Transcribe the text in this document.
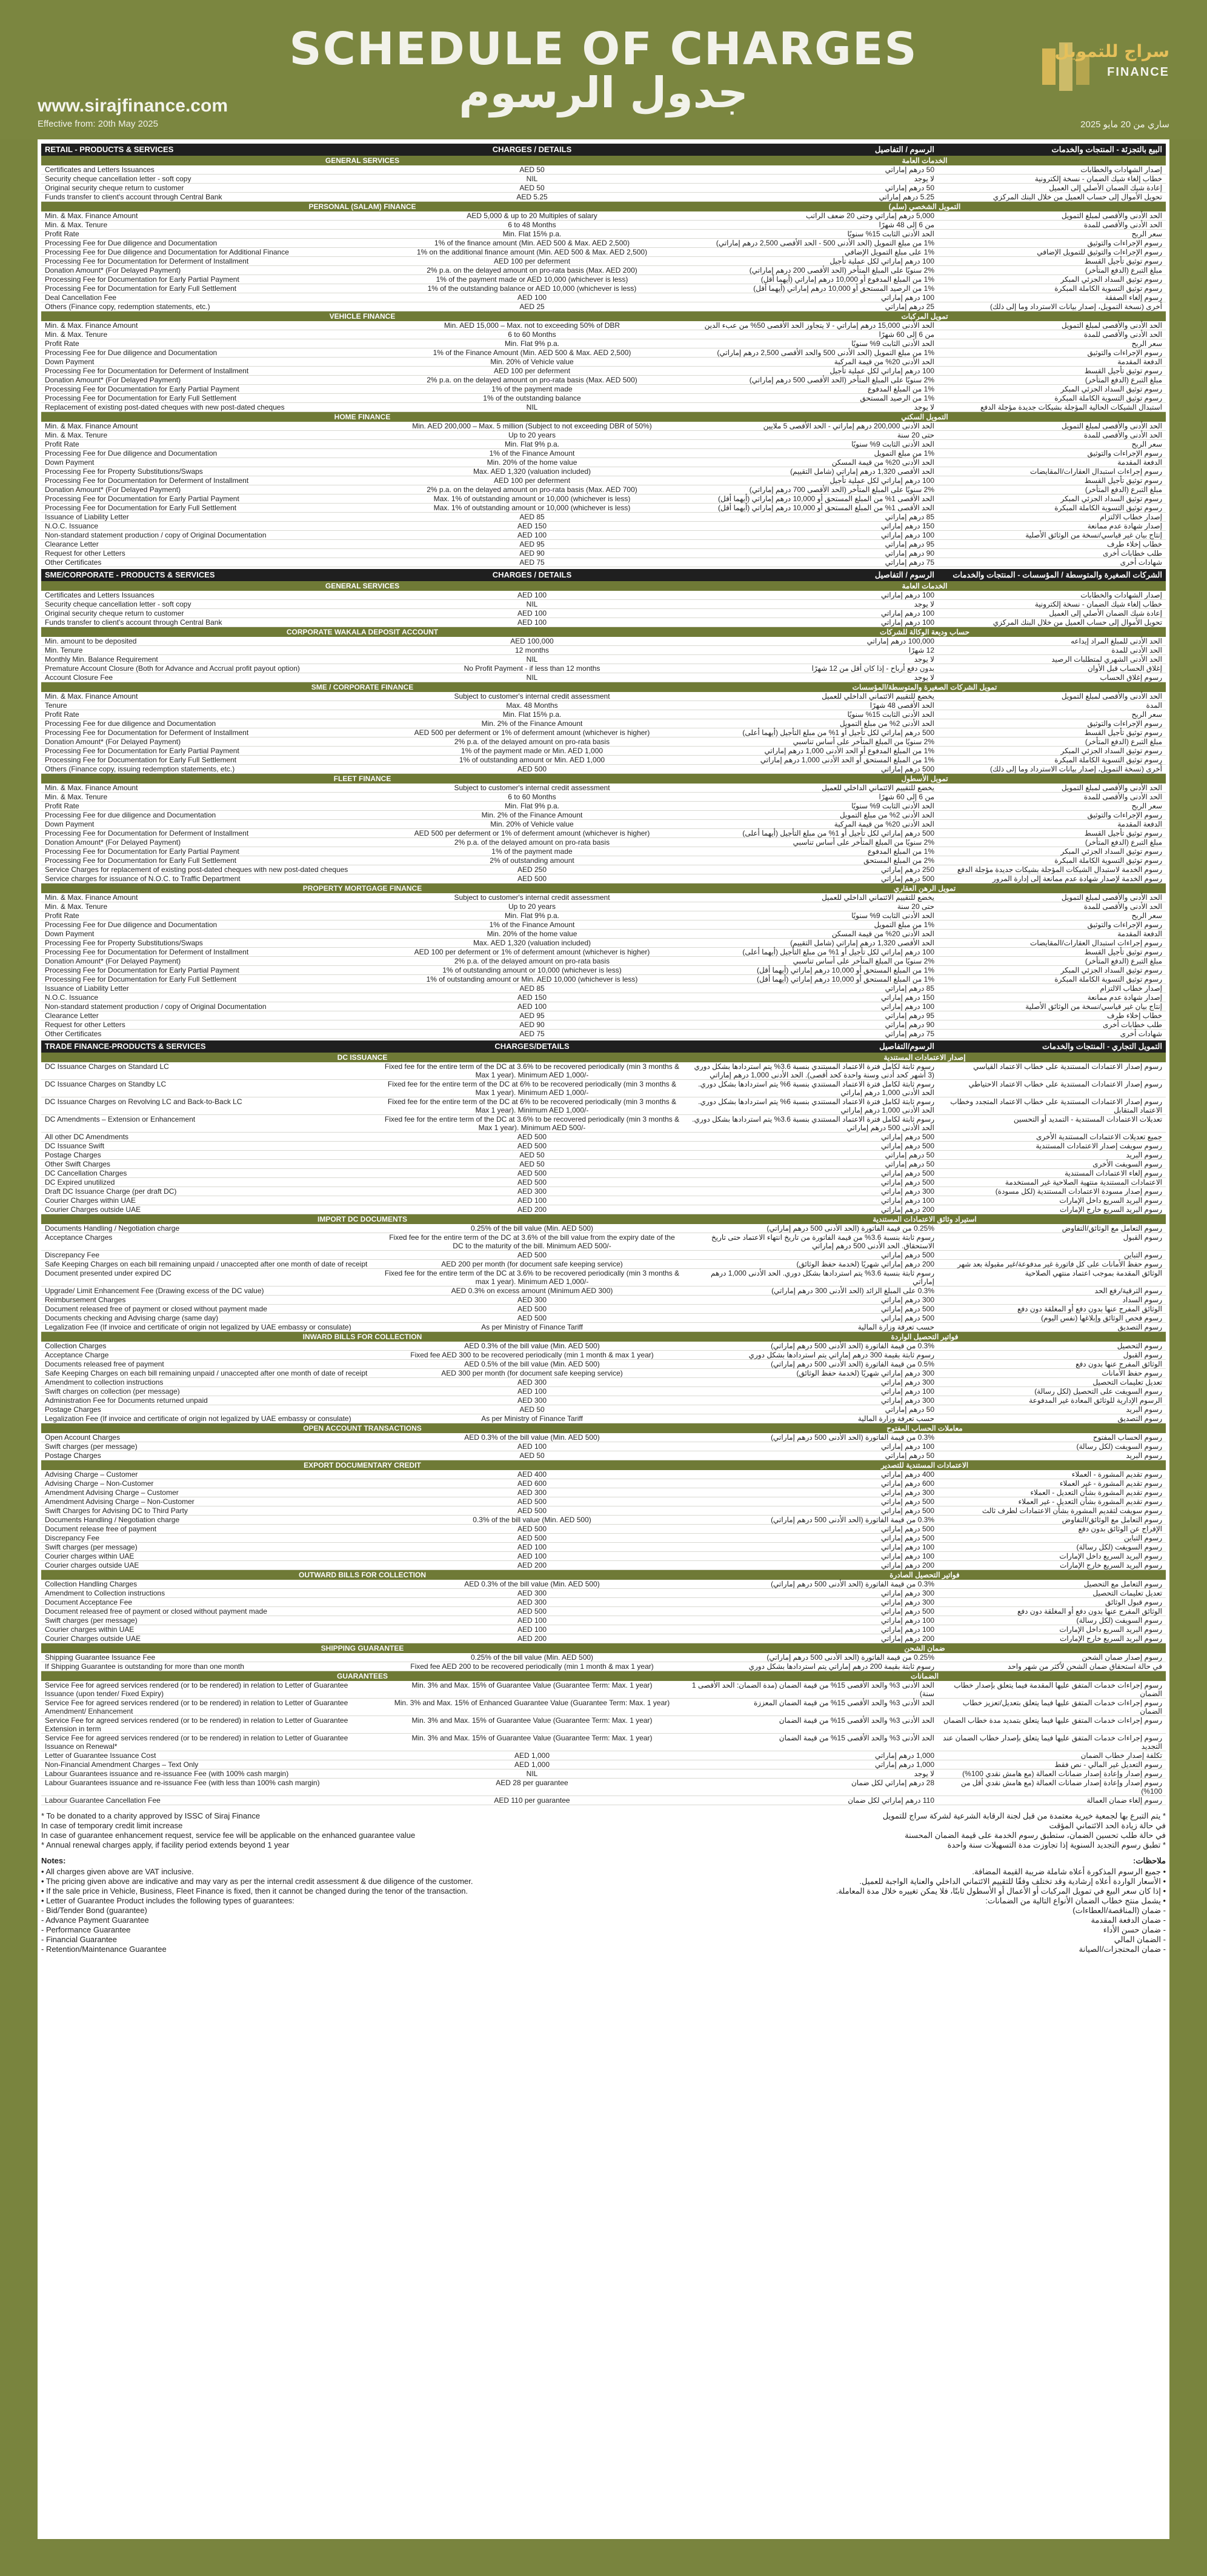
SCHEDULE OF CHARGES
جدول الرسوم
www.sirajfinance.com
Effective from: 20th May 2025	ساري من 20 مايو 2025
سراج للتمويل
FINANCE
RETAIL - PRODUCTS & SERVICES	CHARGES / DETAILS	الرسوم / التفاصيل	البيع بالتجزئة - المنتجات والخدمات
GENERAL SERVICES	الخدمات العامة
Certificates and Letters Issuances	AED 50	50 درهم إماراتي	إصدار الشهادات والخطابات
Security cheque cancellation letter - soft copy	NIL	لا يوجد	خطاب إلغاء شيك الضمان - نسخة إلكترونية
Original security cheque return to customer	AED 50	50 درهم إماراتي	إعادة شيك الضمان الأصلي إلى العميل
Funds transfer to client's account through Central Bank	AED 5.25	5.25 درهم إماراتي	تحويل الأموال إلى حساب العميل من خلال البنك المركزي
PERSONAL (SALAM) FINANCE	التمويل الشخصي (سلم)
Min. & Max. Finance Amount	AED 5,000 & up to 20 Multiples of salary	5,000 درهم إماراتي وحتى 20 ضعف الراتب	الحد الأدنى والأقصى لمبلغ التمويل
Min. & Max. Tenure	6 to 48 Months	من 6 إلى 48 شهرًا	الحد الأدنى والأقصى للمدة
Profit Rate	Min. Flat 15% p.a.	الحد الأدنى الثابت 15% سنويًا	سعر الربح
Processing Fee for Due diligence and Documentation	1% of the finance amount (Min. AED 500 & Max. AED 2,500)	1% من مبلغ التمويل (الحد الأدنى 500 - الحد الأقصى 2,500 درهم إماراتي)	رسوم الإجراءات والتوثيق
Processing Fee for Due diligence and Documentation for Additional Finance	1% on the additional finance amount (Min. AED 500 & Max. AED 2,500)	1% على مبلغ التمويل الإضافي	رسوم الإجراءات والتوثيق للتمويل الإضافي
Processing Fee for Documentation for Deferment of Installment	AED 100 per deferment	100 درهم إماراتي لكل عملية تأجيل	رسوم توثيق تأجيل القسط
Donation Amount* (For Delayed Payment)	2% p.a. on the delayed amount on pro-rata basis (Max. AED 200)	2% سنويًا على المبلغ المتأخر (الحد الأقصى 200 درهم إماراتي)	مبلغ التبرع (الدفع المتأخر)
Processing Fee for Documentation for Early Partial Payment	1% of the payment made or AED 10,000 (whichever is less)	1% من المبلغ المدفوع أو 10,000 درهم إماراتي (أيهما أقل)	رسوم توثيق السداد الجزئي المبكر
Processing Fee for Documentation for Early Full Settlement	1% of the outstanding balance or AED 10,000 (whichever is less)	1% من الرصيد المستحق أو 10,000 درهم إماراتي (أيهما أقل)	رسوم توثيق التسوية الكاملة المبكرة
Deal Cancellation Fee	AED 100	100 درهم إماراتي	رسوم إلغاء الصفقة
Others (Finance copy, redemption statements, etc.)	AED 25	25 درهم إماراتي	أخرى (نسخة التمويل، إصدار بيانات الاسترداد وما إلى ذلك)
VEHICLE FINANCE	تمويل المركبات
Min. & Max. Finance Amount	Min. AED 15,000 – Max. not to exceeding 50% of DBR	الحد الأدنى 15,000 درهم إماراتي - لا يتجاوز الحد الأقصى 50% من عبء الدين	الحد الأدنى والأقصى لمبلغ التمويل
Min. & Max. Tenure	6 to 60 Months	من 6 إلى 60 شهرًا	الحد الأدنى والأقصى للمدة
Profit Rate	Min. Flat 9% p.a.	الحد الأدنى الثابت 9% سنويًا	سعر الربح
Processing Fee for Due diligence and Documentation	1% of the Finance Amount (Min. AED 500 & Max. AED 2,500)	1% من مبلغ التمويل (الحد الأدنى 500 والحد الأقصى 2,500 درهم إماراتي)	رسوم الإجراءات والتوثيق
Down Payment	Min. 20% of Vehicle value	الحد الأدنى 20% من قيمة المركبة	الدفعة المقدمة
Processing Fee for Documentation for Deferment of Installment	AED 100 per deferment	100 درهم إماراتي لكل عملية تأجيل	رسوم توثيق تأجيل القسط
Donation Amount* (For Delayed Payment)	2% p.a. on the delayed amount on pro-rata basis (Max. AED 500)	2% سنويًا على المبلغ المتأخر (الحد الأقصى 500 درهم إماراتي)	مبلغ التبرع (الدفع المتأخر)
Processing Fee for Documentation for Early Partial Payment	1% of the payment made	1% من المبلغ المدفوع	رسوم توثيق السداد الجزئي المبكر
Processing Fee for Documentation for Early Full Settlement	1% of the outstanding balance	1% من الرصيد المستحق	رسوم توثيق التسوية الكاملة المبكرة
Replacement of existing post-dated cheques with new post-dated cheques	NIL	لا يوجد	استبدال الشيكات الحالية المؤجلة بشيكات جديدة مؤجلة الدفع
HOME FINANCE	التمويل السكني
Min. & Max. Finance Amount	Min. AED 200,000 – Max. 5 million (Subject to not exceeding DBR of 50%)	الحد الأدنى 200,000 درهم إماراتي - الحد الأقصى 5 ملايين	الحد الأدنى والأقصى لمبلغ التمويل
Min. & Max. Tenure	Up to 20 years	حتى 20 سنة	الحد الأدنى والأقصى للمدة
Profit Rate	Min. Flat 9% p.a.	الحد الأدنى الثابت 9% سنويًا	سعر الربح
Processing Fee for Due diligence and Documentation	1% of the Finance Amount	1% من مبلغ التمويل	رسوم الإجراءات والتوثيق
Down Payment	Min. 20% of the home value	الحد الأدنى 20% من قيمة المسكن	الدفعة المقدمة
Processing Fee for Property Substitutions/Swaps	Max. AED 1,320 (valuation included)	الحد الأقصى 1,320 درهم إماراتي (شامل التقييم)	رسوم إجراءات استبدال العقارات/المقايضات
Processing Fee for Documentation for Deferment of Installment	AED 100 per deferment	100 درهم إماراتي لكل عملية تأجيل	رسوم توثيق تأجيل القسط
Donation Amount* (For Delayed Payment)	2% p.a. on the delayed amount on pro-rata basis (Max. AED 700)	2% سنويًا على المبلغ المتأخر (الحد الأقصى 700 درهم إماراتي)	مبلغ التبرع (الدفع المتأخر)
Processing Fee for Documentation for Early Partial Payment	Max. 1% of outstanding amount or 10,000 (whichever is less)	الحد الأقصى 1% من المبلغ المستحق أو 10,000 درهم إماراتي (أيهما أقل)	رسوم توثيق السداد الجزئي المبكر
Processing Fee for Documentation for Early Full Settlement	Max. 1% of outstanding amount or 10,000 (whichever is less)	الحد الأقصى 1% من المبلغ المستحق أو 10,000 درهم إماراتي (أيهما أقل)	رسوم توثيق التسوية الكاملة المبكرة
Issuance of Liability Letter	AED 85	85 درهم إماراتي	إصدار خطاب الالتزام
N.O.C. Issuance	AED 150	150 درهم إماراتي	إصدار شهادة عدم ممانعة
Non-standard statement production / copy of Original Documentation	AED 100	100 درهم إماراتي	إنتاج بيان غير قياسي/نسخة من الوثائق الأصلية
Clearance Letter	AED 95	95 درهم إماراتي	خطاب إخلاء طرف
Request for other Letters	AED 90	90 درهم إماراتي	طلب خطابات أخرى
Other Certificates	AED 75	75 درهم إماراتي	شهادات أخرى
SME/CORPORATE - PRODUCTS & SERVICES	CHARGES / DETAILS	الرسوم / التفاصيل	الشركات الصغيرة والمتوسطة / المؤسسات - المنتجات والخدمات
GENERAL SERVICES	الخدمات العامة
Certificates and Letters Issuances	AED 100	100 درهم إماراتي	إصدار الشهادات والخطابات
Security cheque cancellation letter - soft copy	NIL	لا يوجد	خطاب إلغاء شيك الضمان - نسخة إلكترونية
Original security cheque return to customer	AED 100	100 درهم إماراتي	إعادة شيك الضمان الأصلي إلى العميل
Funds transfer to client's account through Central Bank	AED 100	100 درهم إماراتي	تحويل الأموال إلى حساب العميل من خلال البنك المركزي
CORPORATE WAKALA DEPOSIT ACCOUNT	حساب وديعة الوكالة للشركات
Min. amount to be deposited	AED 100,000	100,000 درهم إماراتي	الحد الأدنى للمبلغ المراد إيداعه
Min. Tenure	12 months	12 شهرًا	الحد الأدنى للمدة
Monthly Min. Balance Requirement	NIL	لا يوجد	الحد الأدنى الشهري لمتطلبات الرصيد
Premature Account Closure (Both for Advance and Accrual profit payout option)	No Profit Payment - if less than 12 months	بدون دفع أرباح - إذا كان أقل من 12 شهرًا	إغلاق الحساب قبل الأوان
Account Closure Fee	NIL	لا يوجد	رسوم إغلاق الحساب
SME / CORPORATE FINANCE	تمويل الشركات الصغيرة والمتوسطة/المؤسسات
Min. & Max. Finance Amount	Subject to customer's internal credit assessment	يخضع للتقييم الائتماني الداخلي للعميل	الحد الأدنى والأقصى لمبلغ التمويل
Tenure	Max. 48 Months	الحد الأقصى 48 شهرًا	المدة
Profit Rate	Min. Flat 15% p.a.	الحد الأدنى الثابت 15% سنويًا	سعر الربح
Processing Fee for due diligence and Documentation	Min. 2% of the Finance Amount	الحد الأدنى 2% من مبلغ التمويل	رسوم الإجراءات والتوثيق
Processing Fee for Documentation for Deferment of Installment	AED 500 per deferment or 1% of deferment amount (whichever is higher)	500 درهم إماراتي لكل تأجيل أو 1% من مبلغ التأجيل (أيهما أعلى)	رسوم توثيق تأجيل القسط
Donation Amount* (For Delayed Payment)	2% p.a. of the delayed amount on pro-rata basis	2% سنويًا من المبلغ المتأخر على أساس تناسبي	مبلغ التبرع (الدفع المتأخر)
Processing Fee for Documentation for Early Partial Payment	1% of the payment made or Min. AED 1,000	1% من المبلغ المدفوع أو الحد الأدنى 1,000 درهم إماراتي	رسوم توثيق السداد الجزئي المبكر
Processing Fee for Documentation for Early Full Settlement	1% of outstanding amount or Min. AED 1,000	1% من المبلغ المستحق أو الحد الأدنى 1,000 درهم إماراتي	رسوم توثيق التسوية الكاملة المبكرة
Others (Finance copy, issuing redemption statements, etc.)	AED 500	500 درهم إماراتي	أخرى (نسخة التمويل، إصدار بيانات الاسترداد وما إلى ذلك)
FLEET FINANCE	تمويل الأسطول
Min. & Max. Finance Amount	Subject to customer's internal credit assessment	يخضع للتقييم الائتماني الداخلي للعميل	الحد الأدنى والأقصى لمبلغ التمويل
Min. & Max. Tenure	6 to 60 Months	من 6 إلى 60 شهرًا	الحد الأدنى والأقصى للمدة
Profit Rate	Min. Flat 9% p.a.	الحد الأدنى الثابت 9% سنويًا	سعر الربح
Processing Fee for due diligence and Documentation	Min. 2% of the Finance Amount	الحد الأدنى 2% من مبلغ التمويل	رسوم الإجراءات والتوثيق
Down Payment	Min. 20% of Vehicle value	الحد الأدنى 20% من قيمة المركبة	الدفعة المقدمة
Processing Fee for Documentation for Deferment of Installment	AED 500 per deferment or 1% of deferment amount (whichever is higher)	500 درهم إماراتي لكل تأجيل أو 1% من مبلغ التأجيل (أيهما أعلى)	رسوم توثيق تأجيل القسط
Donation Amount* (For Delayed Payment)	2% p.a. of the delayed amount on pro-rata basis	2% سنويًا من المبلغ المتأخر على أساس تناسبي	مبلغ التبرع (الدفع المتأخر)
Processing Fee for Documentation for Early Partial Payment	1% of the payment made	1% من المبلغ المدفوع	رسوم توثيق السداد الجزئي المبكر
Processing Fee for Documentation for Early Full Settlement	2% of outstanding amount	2% من المبلغ المستحق	رسوم توثيق التسوية الكاملة المبكرة
Service Charges for replacement of existing post-dated cheques with new post-dated cheques	AED 250	250 درهم إماراتي	رسوم الخدمة لاستبدال الشيكات المؤجلة بشيكات جديدة مؤجلة الدفع
Service charges for issuance of N.O.C. to Traffic Department	AED 500	500 درهم إماراتي	رسوم الخدمة لإصدار شهادة عدم ممانعة إلى إدارة المرور
PROPERTY MORTGAGE FINANCE	تمويل الرهن العقاري
Min. & Max. Finance Amount	Subject to customer's internal credit assessment	يخضع للتقييم الائتماني الداخلي للعميل	الحد الأدنى والأقصى لمبلغ التمويل
Min. & Max. Tenure	Up to 20 years	حتى 20 سنة	الحد الأدنى والأقصى للمدة
Profit Rate	Min. Flat 9% p.a.	الحد الأدنى الثابت 9% سنويًا	سعر الربح
Processing Fee for Due diligence and Documentation	1% of the Finance Amount	1% من مبلغ التمويل	رسوم الإجراءات والتوثيق
Down Payment	Min. 20% of the home value	الحد الأدنى 20% من قيمة المسكن	الدفعة المقدمة
Processing Fee for Property Substitutions/Swaps	Max. AED 1,320 (valuation included)	الحد الأقصى 1,320 درهم إماراتي (شامل التقييم)	رسوم إجراءات استبدال العقارات/المقايضات
Processing Fee for Documentation for Deferment of Installment	AED 100 per deferment or 1% of deferment amount (whichever is higher)	100 درهم إماراتي لكل تأجيل أو 1% من مبلغ التأجيل (أيهما أعلى)	رسوم توثيق تأجيل القسط
Donation Amount* (For Delayed Payment)	2% p.a. of the delayed amount on pro-rata basis	2% سنويًا من المبلغ المتأخر على أساس تناسبي	مبلغ التبرع (الدفع المتأخر)
Processing Fee for Documentation for Early Partial Payment	1% of outstanding amount or 10,000 (whichever is less)	1% من المبلغ المستحق أو 10,000 درهم إماراتي (أيهما أقل)	رسوم توثيق السداد الجزئي المبكر
Processing Fee for Documentation for Early Full Settlement	1% of outstanding amount or Min. AED 10,000 (whichever is less)	1% من المبلغ المستحق أو 10,000 درهم إماراتي (أيهما أقل)	رسوم توثيق التسوية الكاملة المبكرة
Issuance of Liability Letter	AED 85	85 درهم إماراتي	إصدار خطاب الالتزام
N.O.C. Issuance	AED 150	150 درهم إماراتي	إصدار شهادة عدم ممانعة
Non-standard statement production / copy of Original Documentation	AED 100	100 درهم إماراتي	إنتاج بيان غير قياسي/نسخة من الوثائق الأصلية
Clearance Letter	AED 95	95 درهم إماراتي	خطاب إخلاء طرف
Request for other Letters	AED 90	90 درهم إماراتي	طلب خطابات أخرى
Other Certificates	AED 75	75 درهم إماراتي	شهادات أخرى
TRADE FINANCE-PRODUCTS & SERVICES	CHARGES/DETAILS	الرسوم/التفاصيل	التمويل التجاري - المنتجات والخدمات
DC ISSUANCE	إصدار الاعتمادات المستندية
DC Issuance Charges on Standard LC	Fixed fee for the entire term of the DC at 3.6% to be recovered periodically (min 3 months & Max 1 year). Minimum AED 1,000/-
رسوم ثابتة لكامل فترة الاعتماد المستندي بنسبة 3.6% يتم استردادها بشكل دوري (3 أشهر كحد أدنى وسنة واحدة كحد أقصى). الحد الأدنى 1,000 درهم إماراتي
رسوم إصدار الاعتمادات المستندية على خطاب الاعتماد القياسي
DC Issuance Charges on Standby LC	Fixed fee for the entire term of the DC at 6% to be recovered periodically (min 3 months & Max 1 year). Minimum AED 1,000/-
رسوم ثابتة لكامل فترة الاعتماد المستندي بنسبة 6% يتم استردادها بشكل دوري. الحد الأدنى 1,000 درهم إماراتي
رسوم إصدار الاعتمادات المستندية على خطاب الاعتماد الاحتياطي
DC Issuance Charges on Revolving LC and Back-to-Back LC	Fixed fee for the entire term of the DC at 6% to be recovered periodically (min 3 months & Max 1 year). Minimum AED 1,000/-
رسوم ثابتة لكامل فترة الاعتماد المستندي بنسبة 6% يتم استردادها بشكل دوري. الحد الأدنى 1,000 درهم إماراتي
رسوم إصدار الاعتمادات المستندية على خطاب الاعتماد المتجدد وخطاب الاعتماد المتقابل
DC Amendments – Extension or Enhancement	Fixed fee for the entire term of the DC at 3.6% to be recovered periodically (min 3 months & Max 1 year). Minimum AED 500/-
رسوم ثابتة لكامل فترة الاعتماد المستندي بنسبة 3.6% يتم استردادها بشكل دوري. الحد الأدنى 500 درهم إماراتي
تعديلات الاعتمادات المستندية - التمديد أو التحسين
All other DC Amendments	AED 500	500 درهم إماراتي	جميع تعديلات الاعتمادات المستندية الأخرى
DC Issuance Swift	AED 500	500 درهم إماراتي	رسوم سويفت إصدار الاعتمادات المستندية
Postage Charges	AED 50	50 درهم إماراتي	رسوم البريد
Other Swift Charges	AED 50	50 درهم إماراتي	رسوم السويفت الأخرى
DC Cancellation Charges	AED 500	500 درهم إماراتي	رسوم إلغاء الاعتمادات المستندية
DC Expired unutilized	AED 500	500 درهم إماراتي	الاعتمادات المستندية منتهية الصلاحية غير المستخدمة
Draft DC Issuance Charge (per draft DC)	AED 300	300 درهم إماراتي	رسوم إصدار مسودة الاعتمادات المستندية (لكل مسودة)
Courier Charges within UAE	AED 100	100 درهم إماراتي	رسوم البريد السريع داخل الإمارات
Courier Charges outside UAE	AED 200	200 درهم إماراتي	رسوم البريد السريع خارج الإمارات
IMPORT DC DOCUMENTS	استيراد وثائق الاعتمادات المستندية
Documents Handling / Negotiation charge	0.25% of the bill value (Min. AED 500)	0.25% من قيمة الفاتورة (الحد الأدنى 500 درهم إماراتي)	رسوم التعامل مع الوثائق/التفاوض
Acceptance Charges	Fixed fee for the entire term of the DC at 3.6% of the bill value from the expiry date of the DC to the maturity of the bill. Minimum AED 500/-
رسوم ثابتة بنسبة 3.6% من قيمة الفاتورة من تاريخ انتهاء الاعتماد حتى تاريخ الاستحقاق. الحد الأدنى 500 درهم إماراتي
رسوم القبول
Discrepancy Fee	AED 500	500 درهم إماراتي	رسوم التباين
Safe Keeping Charges on each bill remaining unpaid / unaccepted after one month of date of receipt	AED 200 per month (for document safe keeping service)	200 درهم إماراتي شهريًا (لخدمة حفظ الوثائق)	رسوم حفظ الأمانات على كل فاتورة غير مدفوعة/غير مقبولة بعد شهر
Document presented under expired DC	Fixed fee for the entire term of the DC at 3.6% to be recovered periodically (min 3 months & max 1 year). Minimum AED 1,000/-
رسوم ثابتة بنسبة 3.6% يتم استردادها بشكل دوري. الحد الأدنى 1,000 درهم إماراتي
الوثائق المقدمة بموجب اعتماد منتهي الصلاحية
Upgrade/ Limit Enhancement Fee (Drawing excess of the DC value)	AED 0.3% on excess amount (Minimum AED 300)	0.3% على المبلغ الزائد (الحد الأدنى 300 درهم إماراتي)	رسوم الترقية/رفع الحد
Reimbursement Charges	AED 300	300 درهم إماراتي	رسوم السداد
Document released free of payment or closed without payment made	AED 500	500 درهم إماراتي	الوثائق المفرج عنها بدون دفع أو المغلقة دون دفع
Documents checking and Advising charge (same day)	AED 500	500 درهم إماراتي	رسوم فحص الوثائق وإبلاغها (نفس اليوم)
Legalization Fee (If invoice and certificate of origin not legalized by UAE embassy or consulate)	As per Ministry of Finance Tariff	حسب تعرفة وزارة المالية	رسوم التصديق
INWARD BILLS FOR COLLECTION	فواتير التحصيل الواردة
Collection Charges	AED 0.3% of the bill value (Min. AED 500)	0.3% من قيمة الفاتورة (الحد الأدنى 500 درهم إماراتي)	رسوم التحصيل
Acceptance Charge	Fixed fee AED 300 to be recovered periodically (min 1 month & max 1 year)	رسوم ثابتة بقيمة 300 درهم إماراتي يتم استردادها بشكل دوري	رسوم القبول
Documents released free of payment	AED 0.5% of the bill value (Min. AED 500)	0.5% من قيمة الفاتورة (الحد الأدنى 500 درهم إماراتي)	الوثائق المفرج عنها بدون دفع
Safe Keeping Charges on each bill remaining unpaid / unaccepted after one month of date of receipt	AED 300 per month (for document safe keeping service)	300 درهم إماراتي شهريًا (لخدمة حفظ الوثائق)	رسوم حفظ الأمانات
Amendment to collection instructions	AED 300	300 درهم إماراتي	تعديل تعليمات التحصيل
Swift charges on collection (per message)	AED 100	100 درهم إماراتي	رسوم السويفت على التحصيل (لكل رسالة)
Administration Fee for Documents returned unpaid	AED 300	300 درهم إماراتي	الرسوم الإدارية للوثائق المعادة غير المدفوعة
Postage Charges	AED 50	50 درهم إماراتي	رسوم البريد
Legalization Fee (If invoice and certificate of origin not legalized by UAE embassy or consulate)	As per Ministry of Finance Tariff	حسب تعرفة وزارة المالية	رسوم التصديق
OPEN ACCOUNT TRANSACTIONS	معاملات الحساب المفتوح
Open Account Charges	AED 0.3% of the bill value (Min. AED 500)	0.3% من قيمة الفاتورة (الحد الأدنى 500 درهم إماراتي)	رسوم الحساب المفتوح
Swift charges (per message)	AED 100	100 درهم إماراتي	رسوم السويفت (لكل رسالة)
Postage Charges	AED 50	50 درهم إماراتي	رسوم البريد
EXPORT DOCUMENTARY CREDIT	الاعتمادات المستندية للتصدير
Advising Charge – Customer	AED 400	400 درهم إماراتي	رسوم تقديم المشورة - العملاء
Advising Charge – Non-Customer	AED 600	600 درهم إماراتي	رسوم تقديم المشورة - غير العملاء
Amendment Advising Charge – Customer	AED 300	300 درهم إماراتي	رسوم تقديم المشورة بشأن التعديل - العملاء
Amendment Advising Charge – Non-Customer	AED 500	500 درهم إماراتي	رسوم تقديم المشورة بشأن التعديل - غير العملاء
Swift Charges for Advising DC to Third Party	AED 500	500 درهم إماراتي	رسوم سويفت لتقديم المشورة بشأن الاعتمادات لطرف ثالث
Documents Handling / Negotiation charge	0.3% of the bill value (Min. AED 500)	0.3% من قيمة الفاتورة (الحد الأدنى 500 درهم إماراتي)	رسوم التعامل مع الوثائق/التفاوض
Document release free of payment	AED 500	500 درهم إماراتي	الإفراج عن الوثائق بدون دفع
Discrepancy Fee	AED 500	500 درهم إماراتي	رسوم التباين
Swift charges (per message)	AED 100	100 درهم إماراتي	رسوم السويفت (لكل رسالة)
Courier charges within UAE	AED 100	100 درهم إماراتي	رسوم البريد السريع داخل الإمارات
Courier charges outside UAE	AED 200	200 درهم إماراتي	رسوم البريد السريع خارج الإمارات
OUTWARD BILLS FOR COLLECTION	فواتير التحصيل الصادرة
Collection Handling Charges	AED 0.3% of the bill value (Min. AED 500)	0.3% من قيمة الفاتورة (الحد الأدنى 500 درهم إماراتي)	رسوم التعامل مع التحصيل
Amendment to Collection instructions	AED 300	300 درهم إماراتي	تعديل تعليمات التحصيل
Document Acceptance Fee	AED 300	300 درهم إماراتي	رسوم قبول الوثائق
Document released free of payment or closed without payment made	AED 500	500 درهم إماراتي	الوثائق المفرج عنها بدون دفع أو المغلقة دون دفع
Swift charges (per message)	AED 100	100 درهم إماراتي	رسوم السويفت (لكل رسالة)
Courier charges within UAE	AED 100	100 درهم إماراتي	رسوم البريد السريع داخل الإمارات
Courier Charges outside UAE	AED 200	200 درهم إماراتي	رسوم البريد السريع خارج الإمارات
SHIPPING GUARANTEE	ضمان الشحن
Shipping Guarantee Issuance Fee	0.25% of the bill value (Min. AED 500)	0.25% من قيمة الفاتورة (الحد الأدنى 500 درهم إماراتي)	رسوم إصدار ضمان الشحن
If Shipping Guarantee is outstanding for more than one month	Fixed fee AED 200 to be recovered periodically (min 1 month & max 1 year)	رسوم ثابتة بقيمة 200 درهم إماراتي يتم استردادها بشكل دوري	في حالة استحقاق ضمان الشحن لأكثر من شهر واحد
GUARANTEES	الضمانات
Service Fee for agreed services rendered (or to be rendered) in relation to Letter of Guarantee Issuance (upon tender/ Fixed Expiry)
Min. 3% and Max. 15% of Guarantee Value (Guarantee Term: Max. 1 year)	الحد الأدنى 3% والحد الأقصى 15% من قيمة الضمان (مدة الضمان: الحد الأقصى 1 سنة)
رسوم إجراءات خدمات المتفق عليها المقدمة فيما يتعلق بإصدار خطاب الضمان
Service Fee for agreed services rendered (or to be rendered) in relation to Letter of Guarantee Amendment/ Enhancement
Min. 3% and Max. 15% of Enhanced Guarantee Value (Guarantee Term: Max. 1 year)	الحد الأدنى 3% والحد الأقصى 15% من قيمة الضمان المعززة	رسوم إجراءات خدمات المتفق عليها فيما يتعلق بتعديل/تعزيز خطاب الضمان
Service Fee for agreed services rendered (or to be rendered) in relation to Letter of Guarantee Extension in term
Min. 3% and Max. 15% of Guarantee Value (Guarantee Term: Max. 1 year)	الحد الأدنى 3% والحد الأقصى 15% من قيمة الضمان	رسوم إجراءات خدمات المتفق عليها فيما يتعلق بتمديد مدة خطاب الضمان
Service Fee for agreed services rendered (or to be rendered) in relation to Letter of Guarantee Issuance on Renewal*
Min. 3% and Max. 15% of Guarantee Value (Guarantee Term: Max. 1 year)	الحد الأدنى 3% والحد الأقصى 15% من قيمة الضمان	رسوم إجراءات خدمات المتفق عليها فيما يتعلق بإصدار خطاب الضمان عند التجديد
Letter of Guarantee Issuance Cost	AED 1,000	1,000 درهم إماراتي	تكلفة إصدار خطاب الضمان
Non-Financial Amendment Charges – Text Only	AED 1,000	1,000 درهم إماراتي	رسوم التعديل غير المالي - نص فقط
Labour Guarantees issuance and re-issuance Fee (with 100% cash margin)	NIL	لا يوجد	رسوم إصدار وإعادة إصدار ضمانات العمالة (مع هامش نقدي 100%)
Labour Guarantees issuance and re-issuance Fee (with less than 100% cash margin)	AED 28 per guarantee	28 درهم إماراتي لكل ضمان	رسوم إصدار وإعادة إصدار ضمانات العمالة (مع هامش نقدي أقل من 100%)
Labour Guarantee Cancellation Fee	AED 110 per guarantee	110 درهم إماراتي لكل ضمان	رسوم إلغاء ضمان العمالة
* To be donated to a charity approved by ISSC of Siraj Finance	* يتم التبرع بها لجمعية خيرية معتمدة من قبل لجنة الرقابة الشرعية لشركة سراج للتمويل
In case of temporary credit limit increase	في حالة زيادة الحد الائتماني المؤقت
In case of guarantee enhancement request, service fee will be applicable on the enhanced guarantee value	في حالة طلب تحسين الضمان، ستطبق رسوم الخدمة على قيمة الضمان المحسنة
* Annual renewal charges apply, if facility period extends beyond 1 year	* تطبق رسوم التجديد السنوية إذا تجاوزت مدة التسهيلات سنة واحدة
Notes:
• All charges given above are VAT inclusive.
• The pricing given above are indicative and may vary as per the internal credit assessment & due diligence of the customer.
• If the sale price in Vehicle, Business, Fleet Finance is fixed, then it cannot be changed during the tenor of the transaction.
• Letter of Guarantee Product includes the following types of guarantees:
- Bid/Tender Bond (guarantee)
- Advance Payment Guarantee
- Performance Guarantee
- Financial Guarantee
- Retention/Maintenance Guarantee
ملاحظات:
• جميع الرسوم المذكورة أعلاه شاملة ضريبة القيمة المضافة.
• الأسعار الواردة أعلاه إرشادية وقد تختلف وفقًا للتقييم الائتماني الداخلي والعناية الواجبة للعميل.
• إذا كان سعر البيع في تمويل المركبات أو الأعمال أو الأسطول ثابتًا، فلا يمكن تغييره خلال مدة المعاملة.
• يشمل منتج خطاب الضمان الأنواع التالية من الضمانات:
- ضمان (المناقصة/العطاءات)
- ضمان الدفعة المقدمة
- ضمان حسن الأداء
- الضمان المالي
- ضمان المحتجزات/الصيانة
